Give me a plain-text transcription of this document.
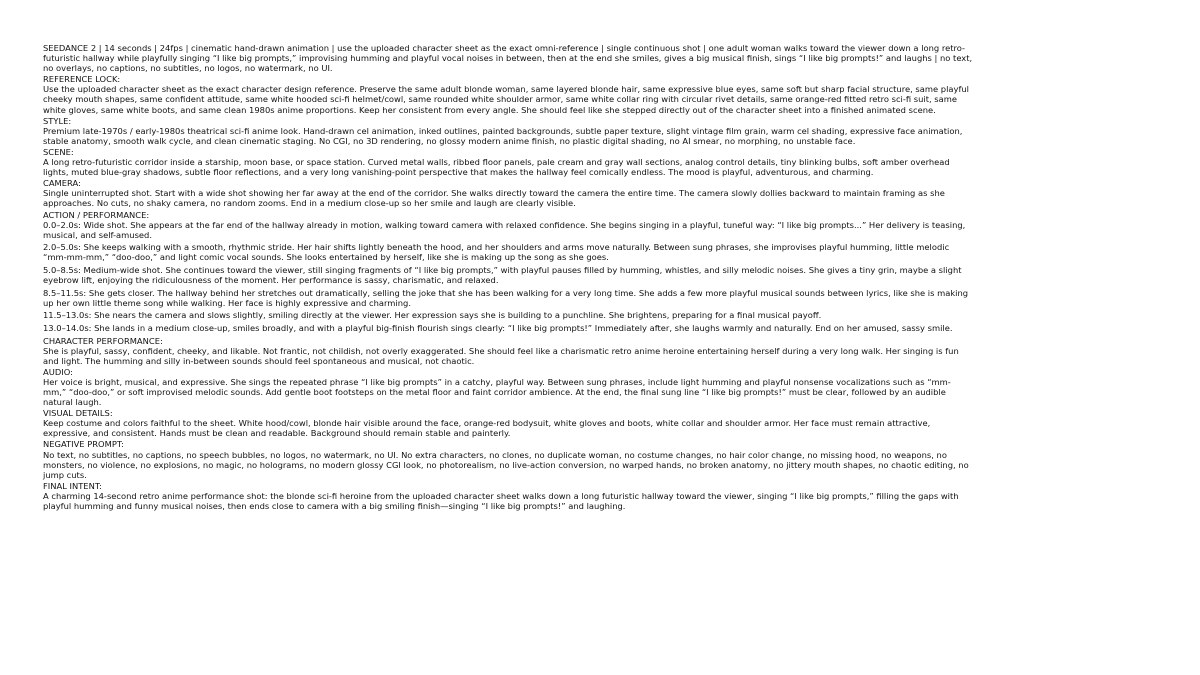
SEEDANCE 2 | 14 seconds | 24fps | cinematic hand-drawn animation | use the uploaded character sheet as the exact omni-reference | single continuous shot | one adult woman walks toward the viewer down a long retro-futuristic hallway while playfully singing “I like big prompts,” improvising humming and playful vocal noises in between, then at the end she smiles, gives a big musical finish, sings “I like big prompts!” and laughs | no text, no overlays, no captions, no subtitles, no logos, no watermark, no UI.

REFERENCE LOCK:

Use the uploaded character sheet as the exact character design reference. Preserve the same adult blonde woman, same layered blonde hair, same expressive blue eyes, same soft but sharp facial structure, same playful cheeky mouth shapes, same confident attitude, same white hooded sci-fi helmet/cowl, same rounded white shoulder armor, same white collar ring with circular rivet details, same orange-red fitted retro sci-fi suit, same white gloves, same white boots, and same clean 1980s anime proportions. Keep her consistent from every angle. She should feel like she stepped directly out of the character sheet into a finished animated scene.

STYLE:

Premium late-1970s / early-1980s theatrical sci-fi anime look. Hand-drawn cel animation, inked outlines, painted backgrounds, subtle paper texture, slight vintage film grain, warm cel shading, expressive face animation, stable anatomy, smooth walk cycle, and clean cinematic staging. No CGI, no 3D rendering, no glossy modern anime finish, no plastic digital shading, no AI smear, no morphing, no unstable face.

SCENE:

A long retro-futuristic corridor inside a starship, moon base, or space station. Curved metal walls, ribbed floor panels, pale cream and gray wall sections, analog control details, tiny blinking bulbs, soft amber overhead lights, muted blue-gray shadows, subtle floor reflections, and a very long vanishing-point perspective that makes the hallway feel comically endless. The mood is playful, adventurous, and charming.

CAMERA:

Single uninterrupted shot. Start with a wide shot showing her far away at the end of the corridor. She walks directly toward the camera the entire time. The camera slowly dollies backward to maintain framing as she approaches. No cuts, no shaky camera, no random zooms. End in a medium close-up so her smile and laugh are clearly visible.

ACTION / PERFORMANCE:

0.0–2.0s: Wide shot. She appears at the far end of the hallway already in motion, walking toward camera with relaxed confidence. She begins singing in a playful, tuneful way: “I like big prompts...” Her delivery is teasing, musical, and self-amused.

2.0–5.0s: She keeps walking with a smooth, rhythmic stride. Her hair shifts lightly beneath the hood, and her shoulders and arms move naturally. Between sung phrases, she improvises playful humming, little melodic “mm-mm-mm,” “doo-doo,” and light comic vocal sounds. She looks entertained by herself, like she is making up the song as she goes.

5.0–8.5s: Medium-wide shot. She continues toward the viewer, still singing fragments of “I like big prompts,” with playful pauses filled by humming, whistles, and silly melodic noises. She gives a tiny grin, maybe a slight eyebrow lift, enjoying the ridiculousness of the moment. Her performance is sassy, charismatic, and relaxed.

8.5–11.5s: She gets closer. The hallway behind her stretches out dramatically, selling the joke that she has been walking for a very long time. She adds a few more playful musical sounds between lyrics, like she is making up her own little theme song while walking. Her face is highly expressive and charming.

11.5–13.0s: She nears the camera and slows slightly, smiling directly at the viewer. Her expression says she is building to a punchline. She brightens, preparing for a final musical payoff.

13.0–14.0s: She lands in a medium close-up, smiles broadly, and with a playful big-finish flourish sings clearly: “I like big prompts!” Immediately after, she laughs warmly and naturally. End on her amused, sassy smile.

CHARACTER PERFORMANCE:

She is playful, sassy, confident, cheeky, and likable. Not frantic, not childish, not overly exaggerated. She should feel like a charismatic retro anime heroine entertaining herself during a very long walk. Her singing is fun and light. The humming and silly in-between sounds should feel spontaneous and musical, not chaotic.

AUDIO:

Her voice is bright, musical, and expressive. She sings the repeated phrase “I like big prompts” in a catchy, playful way. Between sung phrases, include light humming and playful nonsense vocalizations such as “mm-mm,” “doo-doo,” or soft improvised melodic sounds. Add gentle boot footsteps on the metal floor and faint corridor ambience. At the end, the final sung line “I like big prompts!” must be clear, followed by an audible natural laugh.

VISUAL DETAILS:

Keep costume and colors faithful to the sheet. White hood/cowl, blonde hair visible around the face, orange-red bodysuit, white gloves and boots, white collar and shoulder armor. Her face must remain attractive, expressive, and consistent. Hands must be clean and readable. Background should remain stable and painterly.

NEGATIVE PROMPT:

No text, no subtitles, no captions, no speech bubbles, no logos, no watermark, no UI. No extra characters, no clones, no duplicate woman, no costume changes, no hair color change, no missing hood, no weapons, no monsters, no violence, no explosions, no magic, no holograms, no modern glossy CGI look, no photorealism, no live-action conversion, no warped hands, no broken anatomy, no jittery mouth shapes, no chaotic editing, no jump cuts.

FINAL INTENT:

A charming 14-second retro anime performance shot: the blonde sci-fi heroine from the uploaded character sheet walks down a long futuristic hallway toward the viewer, singing “I like big prompts,” filling the gaps with playful humming and funny musical noises, then ends close to camera with a big smiling finish—singing “I like big prompts!” and laughing.
